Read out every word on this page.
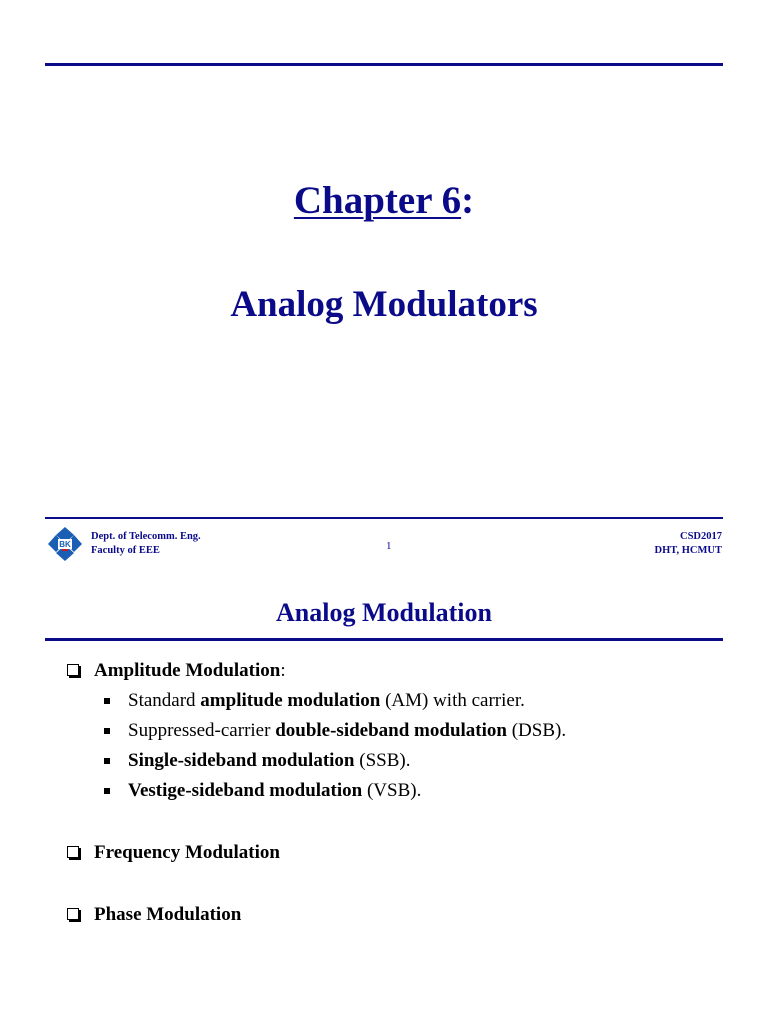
Chapter 6:
Analog Modulators
BK
Dept. of Telecomm. Eng.
Faculty of EEE	1
CSD2017
DHT, HCMUT
Analog Modulation
Amplitude Modulation:
Standard amplitude modulation (AM) with carrier.
Suppressed-carrier double-sideband modulation (DSB).
Single-sideband modulation (SSB).
Vestige-sideband modulation (VSB).
Frequency Modulation
Phase Modulation
